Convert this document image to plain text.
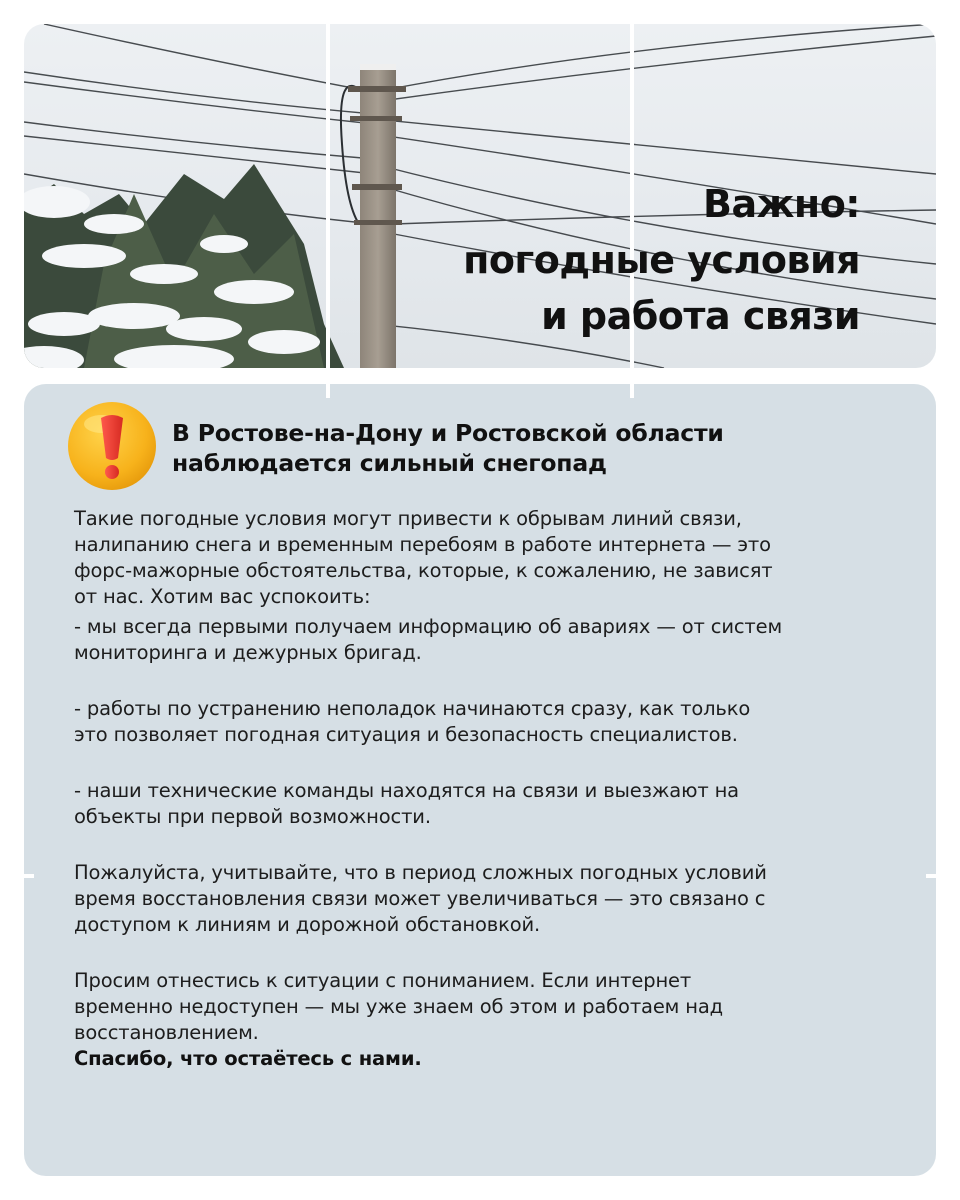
Важно:
погодные условия
и работа связи
В Ростове-на-Дону и Ростовской области
наблюдается сильный снегопад
Такие погодные условия могут привести к обрывам линий связи,
налипанию снега и временным перебоям в работе интернета — это
форс-мажорные обстоятельства, которые, к сожалению, не зависят
от нас. Хотим вас успокоить:
- мы всегда первыми получаем информацию об авариях — от систем
мониторинга и дежурных бригад.
- работы по устранению неполадок начинаются сразу, как только
это позволяет погодная ситуация и безопасность специалистов.
- наши технические команды находятся на связи и выезжают на
объекты при первой возможности.
Пожалуйста, учитывайте, что в период сложных погодных условий
время восстановления связи может увеличиваться — это связано с
доступом к линиям и дорожной обстановкой.
Просим отнестись к ситуации с пониманием. Если интернет
временно недоступен — мы уже знаем об этом и работаем над
восстановлением.
Спасибо, что остаётесь с нами.
